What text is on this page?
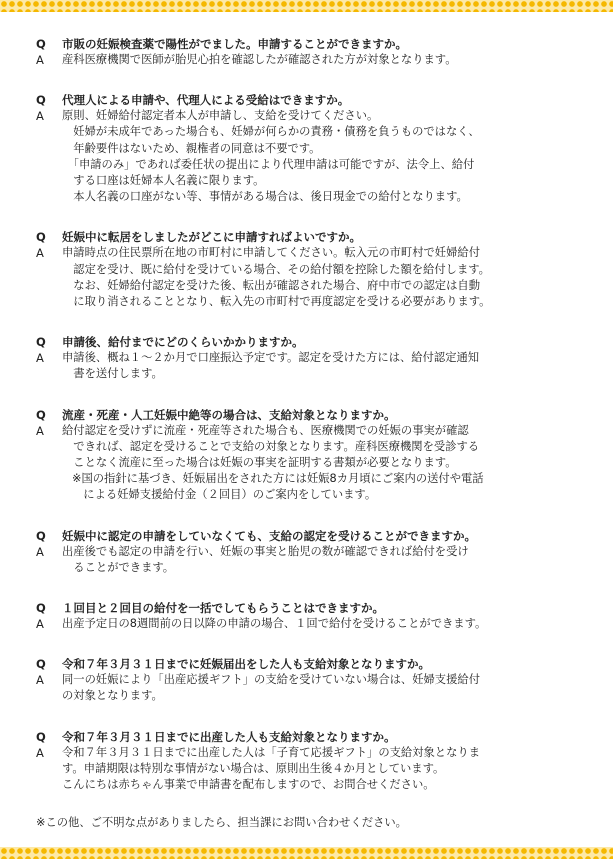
Q	市販の妊娠検査薬で陽性がでました。申請することができますか。
A	産科医療機関で医師が胎児心拍を確認したが確認された方が対象となります。
Q	代理人による申請や、代理人による受給はできますか。
A	原則、妊婦給付認定者本人が申請し、支給を受けてください。
　妊婦が未成年であった場合も、妊婦が何らかの責務・債務を負うものではなく、
　年齢要件はないため、親権者の同意は不要です。
　「申請のみ」であれば委任状の提出により代理申請は可能ですが、法令上、給付
　する口座は妊婦本人名義に限ります。
　本人名義の口座がない等、事情がある場合は、後日現金での給付となります。
Q	妊娠中に転居をしましたがどこに申請すればよいですか。
A	申請時点の住民票所在地の市町村に申請してください。転入元の市町村で妊婦給付
　認定を受け、既に給付を受けている場合、その給付額を控除した額を給付します。
　なお、妊婦給付認定を受けた後、転出が確認された場合、府中市での認定は自動
　に取り消されることとなり、転入先の市町村で再度認定を受ける必要があります。
Q	申請後、給付までにどのくらいかかりますか。
A	申請後、概ね１～２か月で口座振込予定です。認定を受けた方には、給付認定通知
　書を送付します。
Q	流産・死産・人工妊娠中絶等の場合は、支給対象となりますか。
A	給付認定を受けずに流産・死産等された場合も、医療機関での妊娠の事実が確認
　できれば、認定を受けることで支給の対象となります。産科医療機関を受診する
　ことなく流産に至った場合は妊娠の事実を証明する書類が必要となります。
※国の指針に基づき、妊娠届出をされた方には妊娠8カ月頃にご案内の送付や電話
　による妊婦支援給付金（２回目）のご案内をしています。
Q	妊娠中に認定の申請をしていなくても、支給の認定を受けることができますか。
A	出産後でも認定の申請を行い、妊娠の事実と胎児の数が確認できれば給付を受け
　ることができます。
Q	１回目と２回目の給付を一括でしてもらうことはできますか。
A	出産予定日の8週間前の日以降の申請の場合、１回で給付を受けることができます。
Q	令和７年３月３１日までに妊娠届出をした人も支給対象となりますか。
A	同一の妊娠により「出産応援ギフト」の支給を受けていない場合は、妊婦支援給付
の対象となります。
Q	令和７年３月３１日までに出産した人も支給対象となりますか。
A	令和７年３月３１日までに出産した人は「子育て応援ギフト」の支給対象となりま
す。申請期限は特別な事情がない場合は、原則出生後４か月としています。
こんにちは赤ちゃん事業で申請書を配布しますので、お問合せください。
※この他、ご不明な点がありましたら、担当課にお問い合わせください。
